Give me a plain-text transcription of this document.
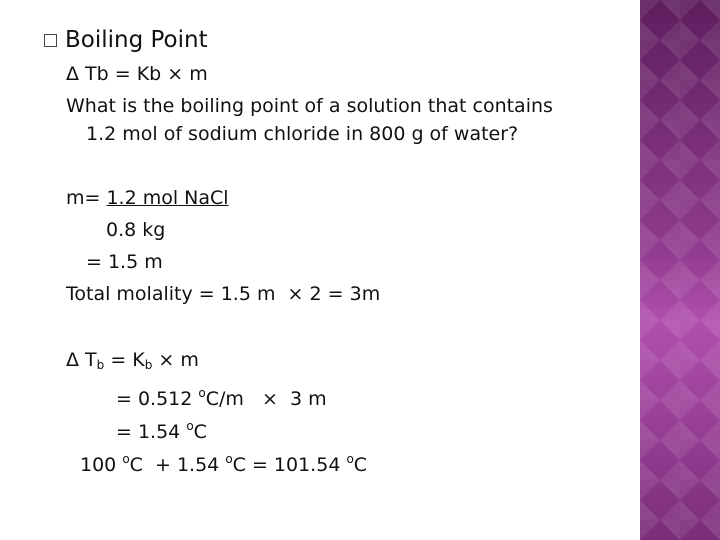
Boiling Point
Δ Tb = Kb × m
What is the boiling point of a solution that contains
1.2 mol of sodium chloride in 800 g of water?
m= 1.2 mol NaCl
0.8 kg
= 1.5 m
Total molality = 1.5 m  × 2 = 3m
Δ $T_b = K_b \times m$
= 0.512 $^o$C/m   ×  3 m
= 1.54 $^o$C
100 $^o$C  + 1.54 $^o$C = 101.54 $^o$C
